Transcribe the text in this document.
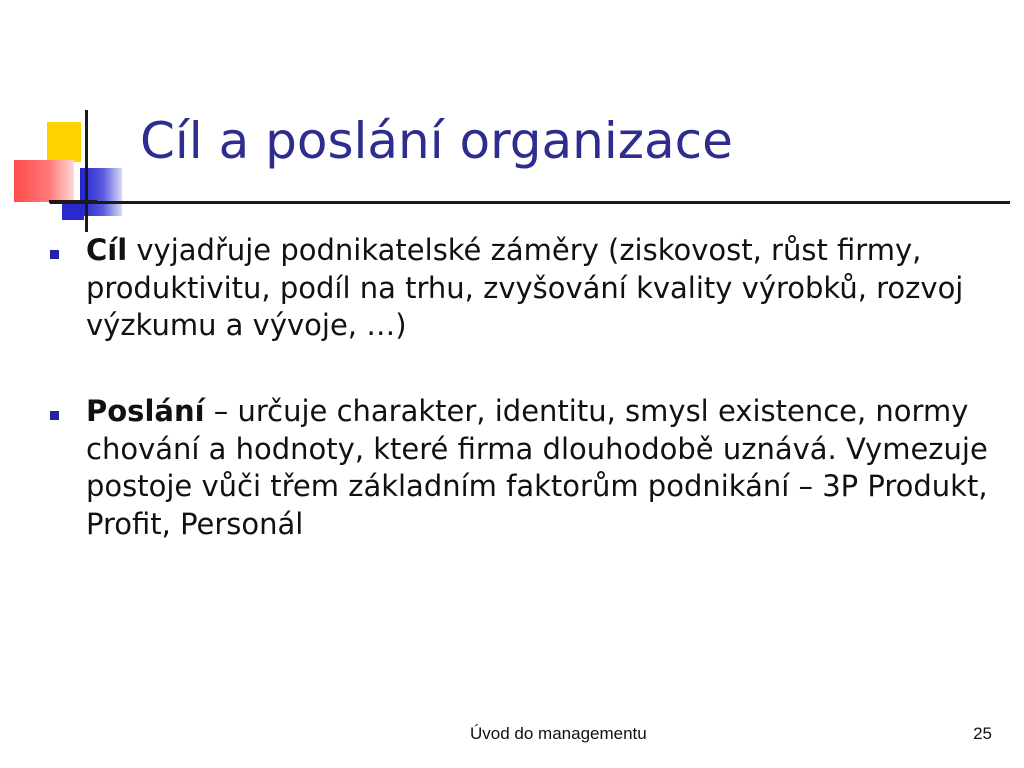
Cíl a poslání organizace
Cíl vyjadřuje podnikatelské záměry (ziskovost, růst firmy, produktivitu, podíl na trhu, zvyšování kvality výrobků, rozvoj výzkumu a vývoje, …)
Poslání – určuje charakter, identitu, smysl existence, normy chování a hodnoty, které firma dlouhodobě uznává. Vymezuje postoje vůči třem základním faktorům podnikání – 3P Produkt, Profit, Personál
Úvod do managementu	25
